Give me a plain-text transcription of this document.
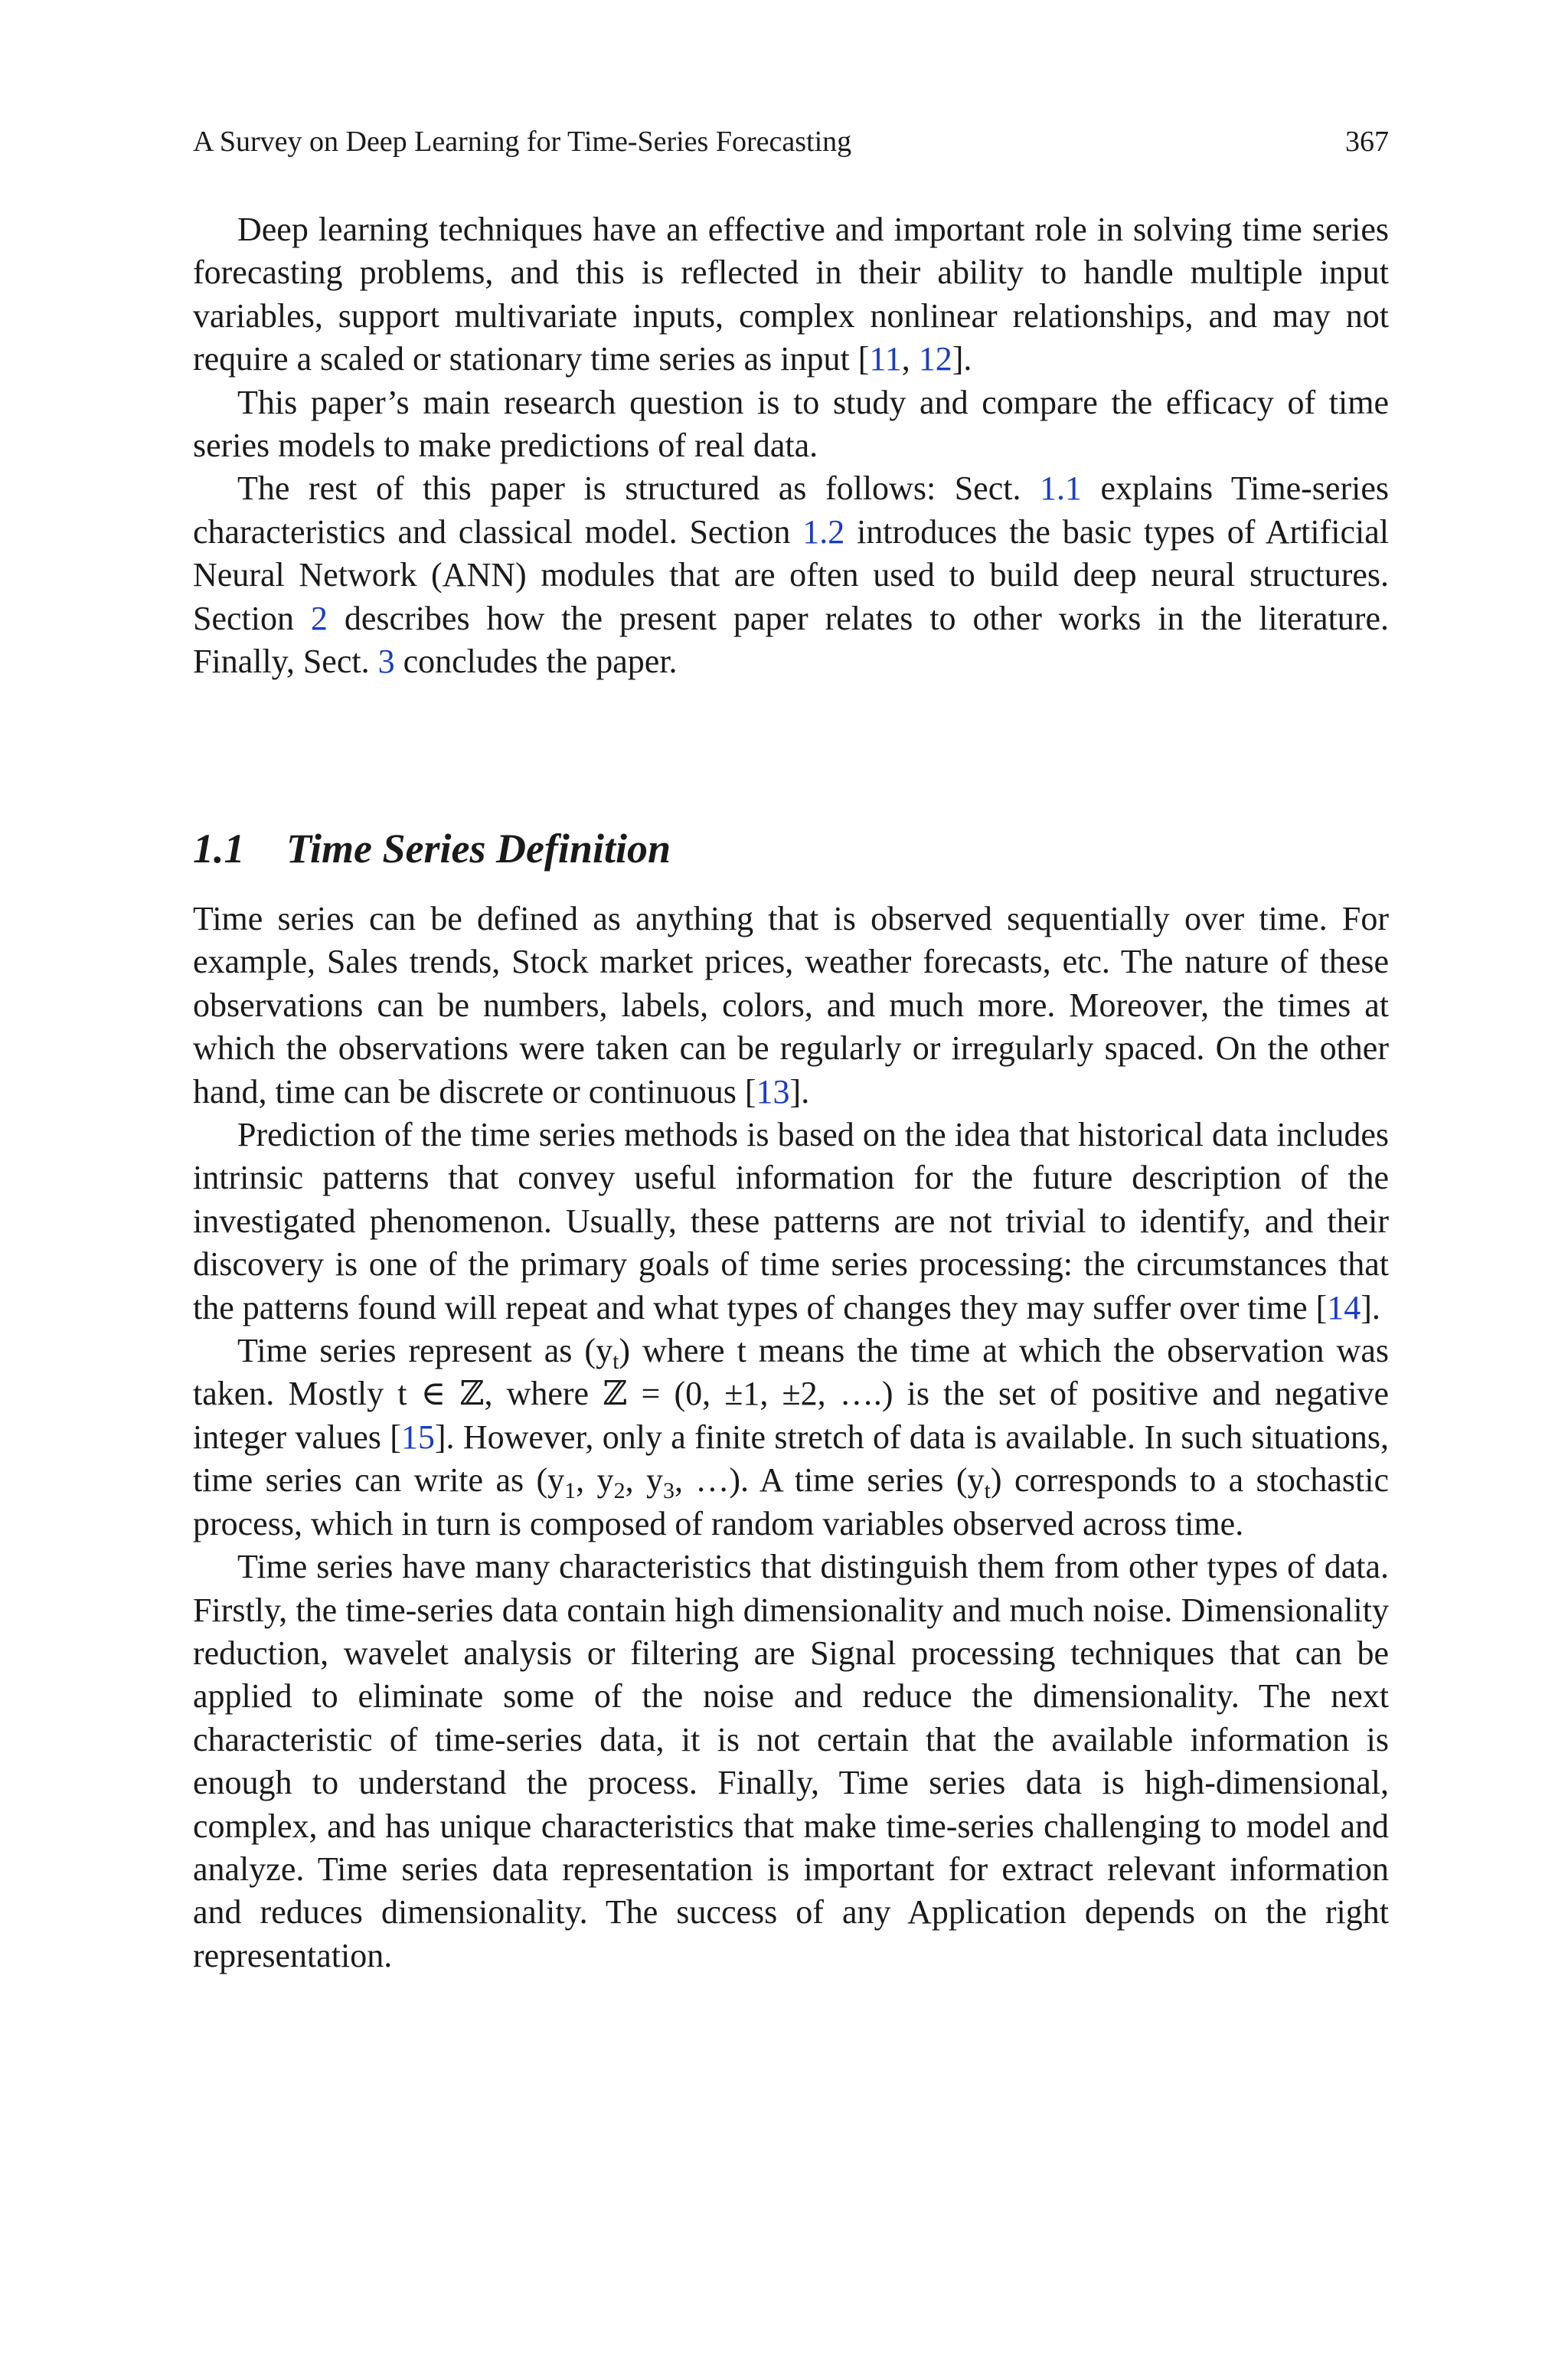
A Survey on Deep Learning for Time-Series Forecasting	367

Deep learning techniques have an effective and important role in solving time series forecasting problems, and this is reflected in their ability to handle multiple input variables, support multivariate inputs, complex nonlinear relationships, and may not require a scaled or stationary time series as input [11, 12].

This paper’s main research question is to study and compare the efficacy of time series models to make predictions of real data.

The rest of this paper is structured as follows: Sect. 1.1 explains Time-series characteristics and classical model. Section 1.2 introduces the basic types of Artificial Neural Network (ANN) modules that are often used to build deep neural structures. Section 2 describes how the present paper relates to other works in the literature. Finally, Sect. 3 concludes the paper.

1.1 Time Series Definition

Time series can be defined as anything that is observed sequentially over time. For example, Sales trends, Stock market prices, weather forecasts, etc. The nature of these observations can be numbers, labels, colors, and much more. Moreover, the times at which the observations were taken can be regularly or irregularly spaced. On the other hand, time can be discrete or continuous [13].

Prediction of the time series methods is based on the idea that historical data includes intrinsic patterns that convey useful information for the future description of the investigated phenomenon. Usually, these patterns are not trivial to identify, and their discovery is one of the primary goals of time series processing: the circumstances that the patterns found will repeat and what types of changes they may suffer over time [14].

Time series represent as $(y_t)$ where t means the time at which the observation was taken. Mostly t ∈ ℤ, where ℤ = (0, ±1, ±2, ….) is the set of positive and negative integer values [15]. However, only a finite stretch of data is available. In such situations, time series can write as ($y_1$, $y_2$, $y_3$, …). A time series $(y_t)$ corresponds to a stochastic process, which in turn is composed of random variables observed across time.

Time series have many characteristics that distinguish them from other types of data. Firstly, the time-series data contain high dimensionality and much noise. Dimensionality reduction, wavelet analysis or filtering are Signal processing techniques that can be applied to eliminate some of the noise and reduce the dimensionality. The next characteristic of time-series data, it is not certain that the available information is enough to understand the process. Finally, Time series data is high-dimensional, complex, and has unique characteristics that make time-series challenging to model and analyze. Time series data representation is important for extract relevant information and reduces dimensionality. The success of any Application depends on the right representation.
